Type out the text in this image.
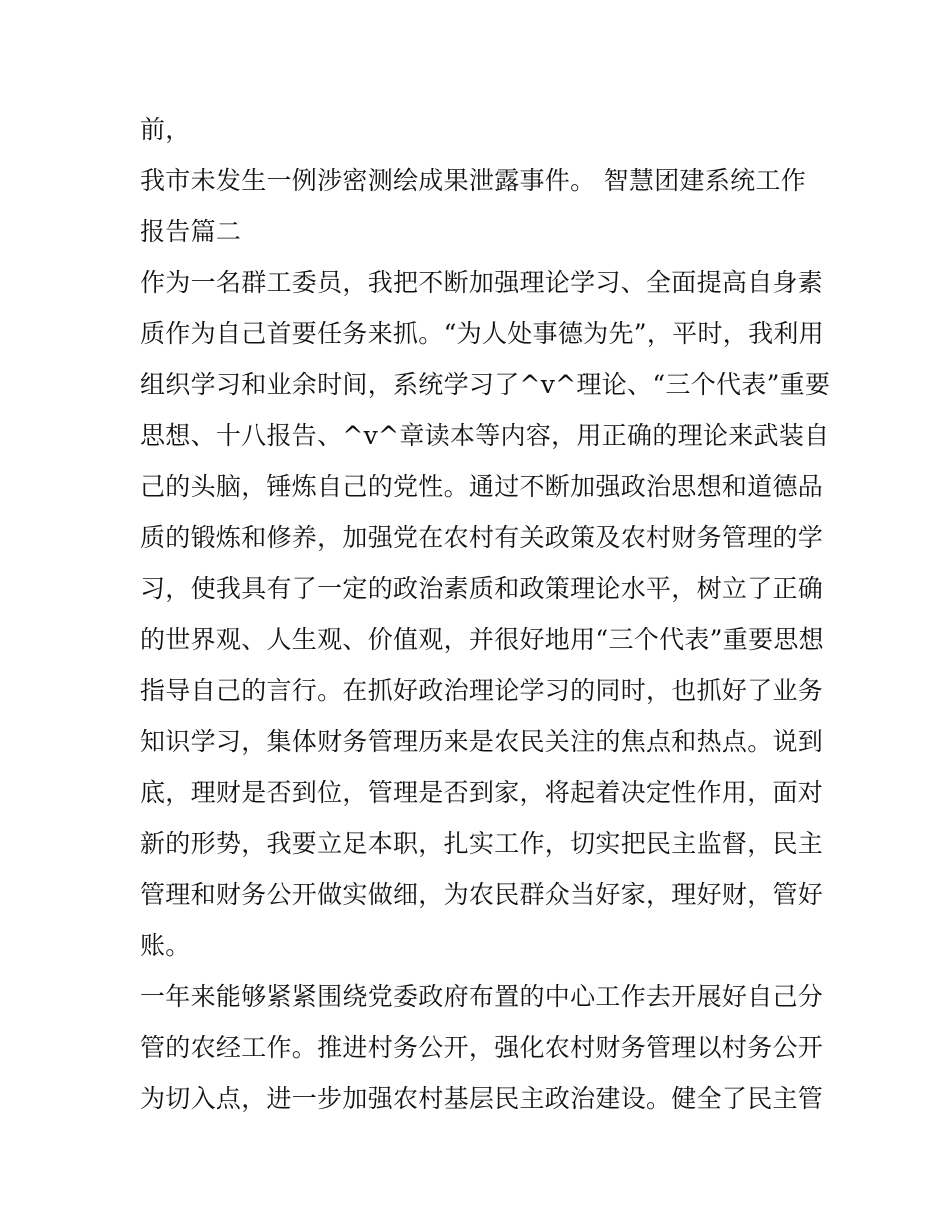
前，
我市未发生一例涉密测绘成果泄露事件。 智慧团建系统工作
报告篇二
作为一名群工委员，我把不断加强理论学习、全面提高自身素
质作为自己首要任务来抓。“为人处事德为先”，平时，我利用
组织学习和业余时间，系统学习了^v^理论、“三个代表”重要
思想、十八报告、^v^章读本等内容，用正确的理论来武装自
己的头脑，锤炼自己的党性。通过不断加强政治思想和道德品
质的锻炼和修养，加强党在农村有关政策及农村财务管理的学
习，使我具有了一定的政治素质和政策理论水平，树立了正确
的世界观、人生观、价值观，并很好地用“三个代表”重要思想
指导自己的言行。在抓好政治理论学习的同时，也抓好了业务
知识学习，集体财务管理历来是农民关注的焦点和热点。说到
底，理财是否到位，管理是否到家，将起着决定性作用，面对
新的形势，我要立足本职，扎实工作，切实把民主监督，民主
管理和财务公开做实做细，为农民群众当好家，理好财，管好
账。
一年来能够紧紧围绕党委政府布置的中心工作去开展好自己分
管的农经工作。推进村务公开，强化农村财务管理以村务公开
为切入点，进一步加强农村基层民主政治建设。健全了民主管
